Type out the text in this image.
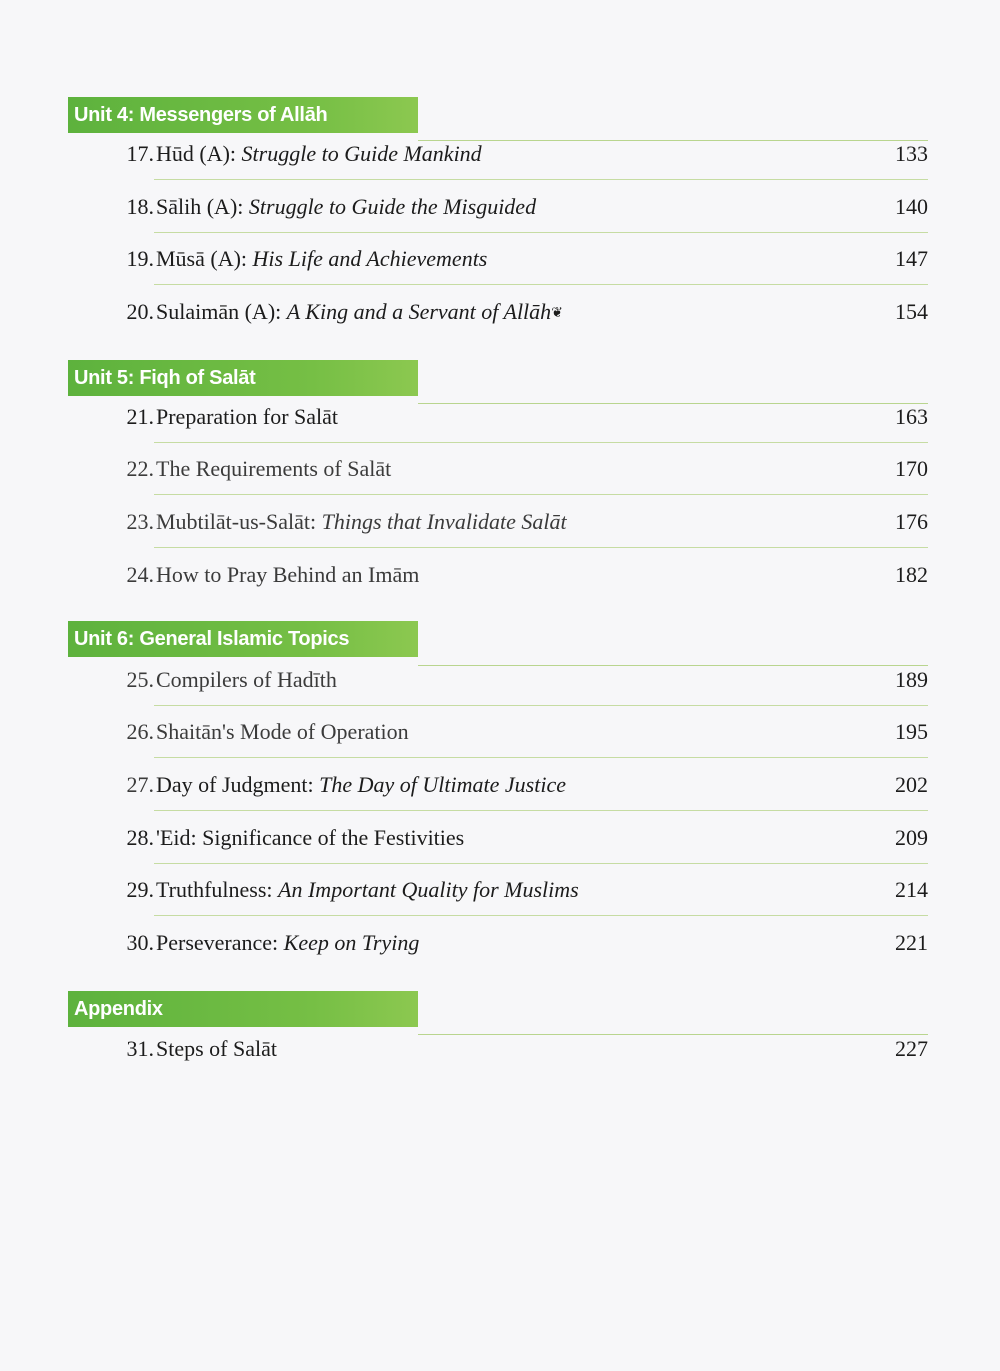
Unit 4: Messengers of Allāh
17. Hūd (A): Struggle to Guide Mankind	133
18. Sālih (A): Struggle to Guide the Misguided	140
19. Mūsā (A): His Life and Achievements	147
20. Sulaimān (A): A King and a Servant of Allāh❦	154
Unit 5: Fiqh of Salāt
21. Preparation for Salāt	163
22. The Requirements of Salāt	170
23. Mubtilāt-us-Salāt: Things that Invalidate Salāt	176
24. How to Pray Behind an Imām	182
Unit 6: General Islamic Topics
25. Compilers of Hadīth	189
26. Shaitān's Mode of Operation	195
27. Day of Judgment: The Day of Ultimate Justice	202
28. 'Eid: Significance of the Festivities	209
29. Truthfulness: An Important Quality for Muslims	214
30. Perseverance: Keep on Trying	221
Appendix
31. Steps of Salāt	227
